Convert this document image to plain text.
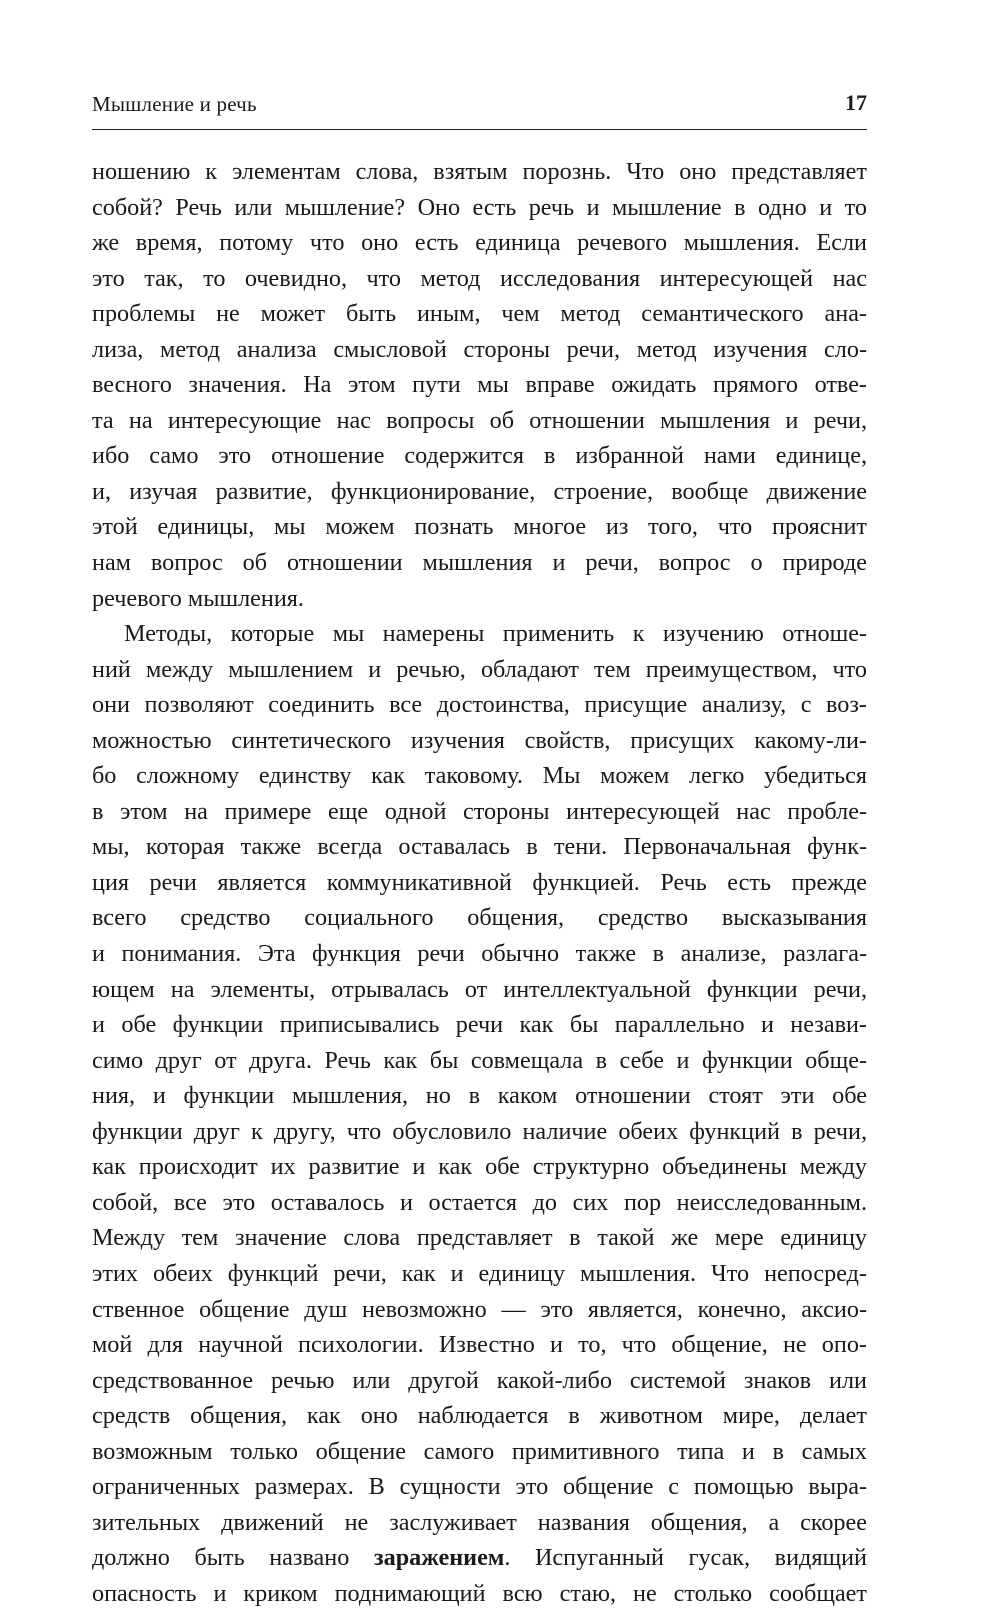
Мышление и речь	17
ношению к элементам слова, взятым порознь. Что оно представляет
собой? Речь или мышление? Оно есть речь и мышление в одно и то
же время, потому что оно есть единица речевого мышления. Если
это так, то очевидно, что метод исследования интересующей нас
проблемы не может быть иным, чем метод семантического ана-
лиза, метод анализа смысловой стороны речи, метод изучения сло-
весного значения. На этом пути мы вправе ожидать прямого отве-
та на интересующие нас вопросы об отношении мышления и речи,
ибо само это отношение содержится в избранной нами единице,
и, изучая развитие, функционирование, строение, вообще движение
этой единицы, мы можем познать многое из того, что прояснит
нам вопрос об отношении мышления и речи, вопрос о природе
речевого мышления.
Методы, которые мы намерены применить к изучению отноше-
ний между мышлением и речью, обладают тем преимуществом, что
они позволяют соединить все достоинства, присущие анализу, с воз-
можностью синтетического изучения свойств, присущих какому-ли-
бо сложному единству как таковому. Мы можем легко убедиться
в этом на примере еще одной стороны интересующей нас пробле-
мы, которая также всегда оставалась в тени. Первоначальная функ-
ция речи является коммуникативной функцией. Речь есть прежде
всего средство социального общения, средство высказывания
и понимания. Эта функция речи обычно также в анализе, разлага-
ющем на элементы, отрывалась от интеллектуальной функции речи,
и обе функции приписывались речи как бы параллельно и незави-
симо друг от друга. Речь как бы совмещала в себе и функции обще-
ния, и функции мышления, но в каком отношении стоят эти обе
функции друг к другу, что обусловило наличие обеих функций в речи,
как происходит их развитие и как обе структурно объединены между
собой, все это оставалось и остается до сих пор неисследованным.
Между тем значение слова представляет в такой же мере единицу
этих обеих функций речи, как и единицу мышления. Что непосред-
ственное общение душ невозможно — это является, конечно, аксио-
мой для научной психологии. Известно и то, что общение, не опо-
средствованное речью или другой какой-либо системой знаков или
средств общения, как оно наблюдается в животном мире, делает
возможным только общение самого примитивного типа и в самых
ограниченных размерах. В сущности это общение с помощью выра-
зительных движений не заслуживает названия общения, а скорее
должно быть названо заражением. Испуганный гусак, видящий
опасность и криком поднимающий всю стаю, не столько сообщает
